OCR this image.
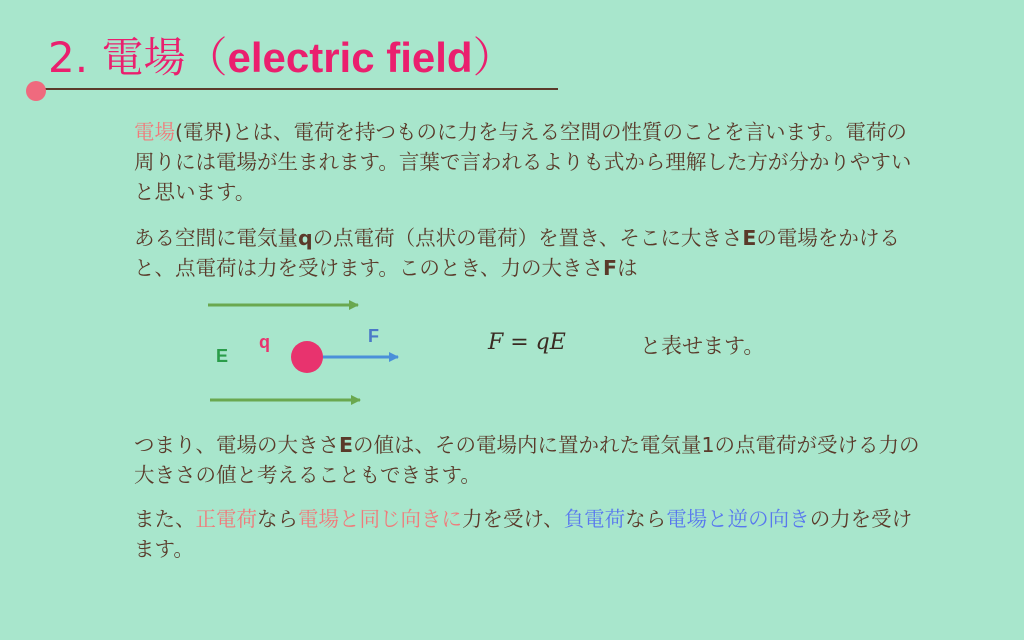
2. 電場（electric field）
電場(電界)とは、電荷を持つものに力を与える空間の性質のことを言います。電荷の周りには電場が生まれます。言葉で言われるよりも式から理解した方が分かりやすいと思います。
ある空間に電気量qの点電荷（点状の電荷）を置き、そこに大きさEの電場をかけると、点電荷は力を受けます。このとき、力の大きさFは
E
q	F	F = qE	と表せます。
つまり、電場の大きさEの値は、その電場内に置かれた電気量1の点電荷が受ける力の大きさの値と考えることもできます。
また、正電荷なら電場と同じ向きに力を受け、負電荷なら電場と逆の向きの力を受けます。
